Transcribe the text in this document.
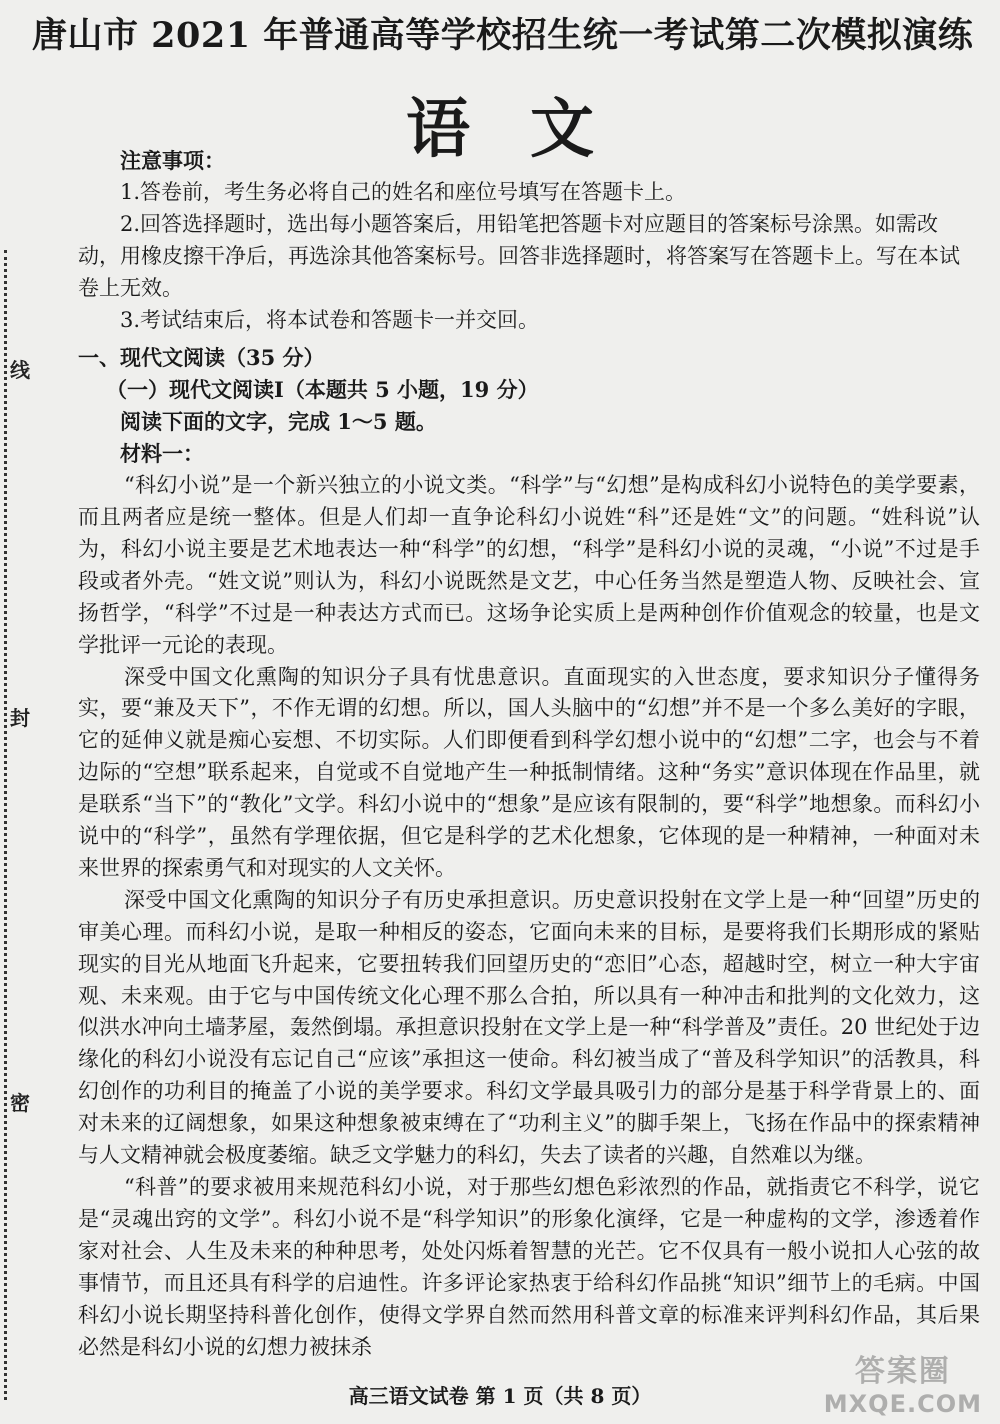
线
封
密
唐山市 2021 年普通高等学校招生统一考试第二次模拟演练
语文

注意事项：

1.答卷前，考生务必将自己的姓名和座位号填写在答题卡上。

2.回答选择题时，选出每小题答案后，用铅笔把答题卡对应题目的答案标号涂黑。如需改动，用橡皮擦干净后，再选涂其他答案标号。回答非选择题时，将答案写在答题卡上。写在本试卷上无效。

3.考试结束后，将本试卷和答题卡一并交回。

一、现代文阅读（35 分）

（一）现代文阅读Ⅰ（本题共 5 小题，19 分）

阅读下面的文字，完成 1～5 题。

材料一：

“科幻小说”是一个新兴独立的小说文类。“科学”与“幻想”是构成科幻小说特色的美学要素，而且两者应是统一整体。但是人们却一直争论科幻小说姓“科”还是姓“文”的问题。“姓科说”认为，科幻小说主要是艺术地表达一种“科学”的幻想，“科学”是科幻小说的灵魂，“小说”不过是手段或者外壳。“姓文说”则认为，科幻小说既然是文艺，中心任务当然是塑造人物、反映社会、宣扬哲学，“科学”不过是一种表达方式而已。这场争论实质上是两种创作价值观念的较量，也是文学批评一元论的表现。

深受中国文化熏陶的知识分子具有忧患意识。直面现实的入世态度，要求知识分子懂得务实，要“兼及天下”，不作无谓的幻想。所以，国人头脑中的“幻想”并不是一个多么美好的字眼，它的延伸义就是痴心妄想、不切实际。人们即便看到科学幻想小说中的“幻想”二字，也会与不着边际的“空想”联系起来，自觉或不自觉地产生一种抵制情绪。这种“务实”意识体现在作品里，就是联系“当下”的“教化”文学。科幻小说中的“想象”是应该有限制的，要“科学”地想象。而科幻小说中的“科学”，虽然有学理依据，但它是科学的艺术化想象，它体现的是一种精神，一种面对未来世界的探索勇气和对现实的人文关怀。

深受中国文化熏陶的知识分子有历史承担意识。历史意识投射在文学上是一种“回望”历史的审美心理。而科幻小说，是取一种相反的姿态，它面向未来的目标，是要将我们长期形成的紧贴现实的目光从地面飞升起来，它要扭转我们回望历史的“恋旧”心态，超越时空，树立一种大宇宙观、未来观。由于它与中国传统文化心理不那么合拍，所以具有一种冲击和批判的文化效力，这似洪水冲向土墙茅屋，轰然倒塌。承担意识投射在文学上是一种“科学普及”责任。20 世纪处于边缘化的科幻小说没有忘记自己“应该”承担这一使命。科幻被当成了“普及科学知识”的活教具，科幻创作的功利目的掩盖了小说的美学要求。科幻文学最具吸引力的部分是基于科学背景上的、面对未来的辽阔想象，如果这种想象被束缚在了“功利主义”的脚手架上，飞扬在作品中的探索精神与人文精神就会极度萎缩。缺乏文学魅力的科幻，失去了读者的兴趣，自然难以为继。

“科普”的要求被用来规范科幻小说，对于那些幻想色彩浓烈的作品，就指责它不科学，说它是“灵魂出窍的文学”。科幻小说不是“科学知识”的形象化演绎，它是一种虚构的文学，渗透着作家对社会、人生及未来的种种思考，处处闪烁着智慧的光芒。它不仅具有一般小说扣人心弦的故事情节，而且还具有科学的启迪性。许多评论家热衷于给科幻作品挑“知识”细节上的毛病。中国科幻小说长期坚持科普化创作，使得文学界自然而然用科普文章的标准来评判科幻作品，其后果必然是科幻小说的幻想力被抹杀

高三语文试卷 第 1 页（共 8 页）
答案圈
MXQE.COM
